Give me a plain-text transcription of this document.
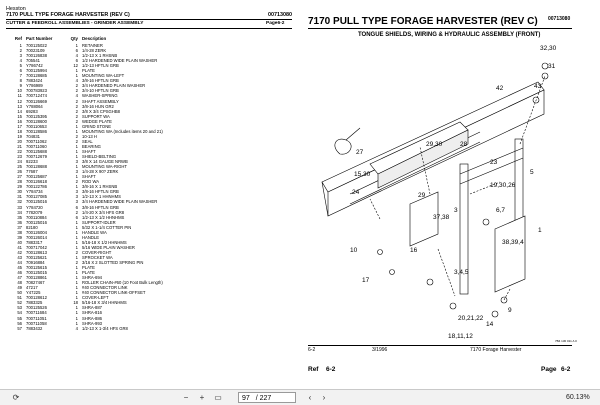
Hesston
00713080
7170 PULL TYPE FORAGE HARVESTER (REV C)
CUTTER & FEEDROLL ASSEMBLIES - GRINDER ASSEMBLY	Page6-2
Ref Part Number	Qty Description
1 700125022	1 RETAINER
2 70023109	6 1/4-28 ZERK
3 700126838	4 1/2-13 X 1 RHSNB
4 705541	6 1/2 HARDENED WIDE PLAIN WASHER
5 Y786742	12 1/2-13 HFTLN GRB
6 700125994	1 PLATE
7 700128685	1 MOUNTING WA-LEFT
8 7883424	4 3/8-16 HFTLN GRB
9 Y786989	2 3/4 HARDENED PLAIN WASHER
10 700783923	2 3/4-10 HFTLN GRB
11 700712474	4 WASHER-SPRING
12 700126669	2 SHAFT ASSEMBLY
13 Y788064	2 3/8-16 HUN GR2
14 69283	2 3/8 X 3/4 CPSGHB8
15 700125395	2 SUPPORT WA
16 700128600	2 WEDGE PLATE
17 700110653	1 GRIND STONE
18 700128586	1 MOUNTING WA (Includes items 20 and 21)
19 704831	2 10-13 H
20 700711062	2 SEAL
21 700711060	1 BEARING
22 700125688	1 SHAFT
23 700712679	1 SHIELD-BELTING
24 92233	3 3/8 X 14 GAUGE NRWB
25 700128688	1 MOUNTING WA-RIGHT
26 77687	3 1/4-28 X 90? ZERK
27 700125687	1 SHAFT
28 700126618	2 ROD WA
29 700122786	1 3/8-16 X 1 RHSNB
30 Y784734	3 3/8-16 HFTLN GRB
31 700127085	3 1/2-13 X 1 HHNHMS
32 700125016	3 3/4 HARDENED WIDE PLAIN WASHER
33 Y784720	6 3/8-16 HFTLN GRB
34 7782079	2 1/4-20 X 3/4 HFS GR8
35 700110884	6 1/2-13 X 1/2 HHNHMS
36 700125016	1 SUPPORT-IDLER
37 82180	1 5/32 X 1-1/4 COTTER PIN
38 700126004	1 HANDLE WA
39 700126014	1 HANDLE
40 7883317	1 5/16-18 X 1/2 HHNHMS
41 700717042	1 5/16 WIDE PLAIN WASHER
42 700128613	2 COVER-RIGHT
43 700125621	1 SPROCKET WA
44 70916884	2 3/16 X 2 SLOTTED SPRING PIN
45 700125615	1 PLATE
46 700125015	1 PLATE
47 700128861	1 SHRA-694
48 70827467	1 ROLLER CHAIN-#60 (10 Foot Bulk Length)
49 47217	1 #40 CONNECTOR LINK
50 Y47225	1 #40 CONNECTOR LINK-OFFSET
51 700128612	1 COVER-LEFT
52 7883325	18 5/16-18 X 3/4 HHNHMS
53 700125526	1 SHRA-887
54 700711684	1 SHRA-816
55 700711051	1 SHRA-886
56 700711058	1 SHRA-993
57 7883432	4 1/2-13 X 1-3/4 HFS GR8
7170 PULL TYPE FORAGE HARVESTER (REV C) 00713080
TONGUE SHIELDS, WIRING & HYDRAULIC ASSEMBLY (FRONT)
32,30
31
43
42
29,30	28
27
23
19,30,26
5
15,30
24	29
3
37,38
6,7
38,39,4
1
16
3,4,5
20,21,22
18,11,12
9
14
10
17
7B4 130 011 A 0
6-2	3/1996	7170 Forage Harvester
Ref 6-2	Page 6-2
⟳	−	+	▭	97 / 227	‹	›	60.13%
